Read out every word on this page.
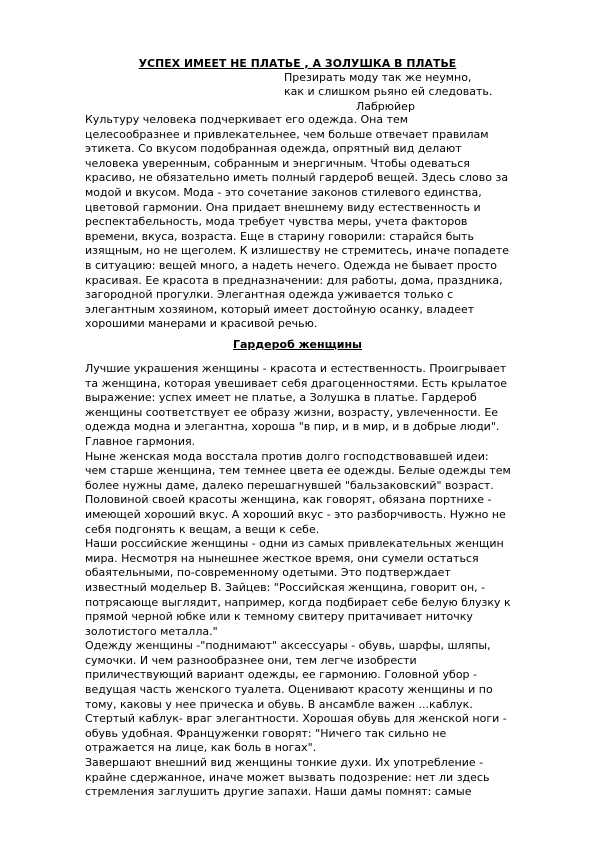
УСПЕХ ИМЕЕТ НЕ ПЛАТЬЕ , А ЗОЛУШКА В ПЛАТЬЕ
Презирать моду так же неумно,
как и слишком рьяно ей следовать.
Лабрюйер
Культуру человека подчеркивает его одежда. Она тем
целесообразнее и привлекательнее, чем больше отвечает правилам
этикета. Со вкусом подобранная одежда, опрятный вид делают
человека уверенным, собранным и энергичным. Чтобы одеваться
красиво, не обязательно иметь полный гардероб вещей. Здесь слово за
модой и вкусом. Мода - это сочетание законов стилевого единства,
цветовой гармонии. Она придает внешнему виду естественность и
респектабельность, мода требует чувства меры, учета факторов
времени, вкуса, возраста. Еще в старину говорили: старайся быть
изящным, но не щеголем. К излишеству не стремитесь, иначе попадете
в ситуацию: вещей много, а надеть нечего. Одежда не бывает просто
красивая. Ее красота в предназначении: для работы, дома, праздника,
загородной прогулки. Элегантная одежда уживается только с
элегантным хозяином, который имеет достойную осанку, владеет
хорошими манерами и красивой речью.
Гардероб женщины
Лучшие украшения женщины - красота и естественность. Проигрывает
та женщина, которая увешивает себя драгоценностями. Есть крылатое
выражение: успех имеет не платье, а Золушка в платье. Гардероб
женщины соответствует ее образу жизни, возрасту, увлеченности. Ее
одежда модна и элегантна, хороша "в пир, и в мир, и в добрые люди".
Главное гармония.
Ныне женская мода восстала против долго господствовавшей идеи:
чем старше женщина, тем темнее цвета ее одежды. Белые одежды тем
более нужны даме, далеко перешагнувшей "бальзаковский" возраст.
Половиной своей красоты женщина, как говорят, обязана портнихе -
имеющей хороший вкус. А хороший вкус - это разборчивость. Нужно не
себя подгонять к вещам, а вещи к себе.
Наши российские женщины - одни из самых привлекательных женщин
мира. Несмотря на нынешнее жесткое время, они сумели остаться
обаятельными, по-современному одетыми. Это подтверждает
известный модельер В. Зайцев: "Российская женщина, говорит он, -
потрясающе выглядит, например, когда подбирает себе белую блузку к
прямой черной юбке или к темному свитеру притачивает ниточку
золотистого металла."
Одежду женщины -"поднимают" аксессуары - обувь, шарфы, шляпы,
сумочки. И чем разнообразнее они, тем легче изобрести
приличествующий вариант одежды, ее гармонию. Головной убор -
ведущая часть женского туалета. Оценивают красоту женщины и по
тому, каковы у нее прическа и обувь. В ансамбле важен ...каблук.
Стертый каблук- враг элегантности. Хорошая обувь для женской ноги -
обувь удобная. Француженки говорят: "Ничего так сильно не
отражается на лице, как боль в ногах".
Завершают внешний вид женщины тонкие духи. Их употребление -
крайне сдержанное, иначе может вызвать подозрение: нет ли здесь
стремления заглушить другие запахи. Наши дамы помнят: самые
